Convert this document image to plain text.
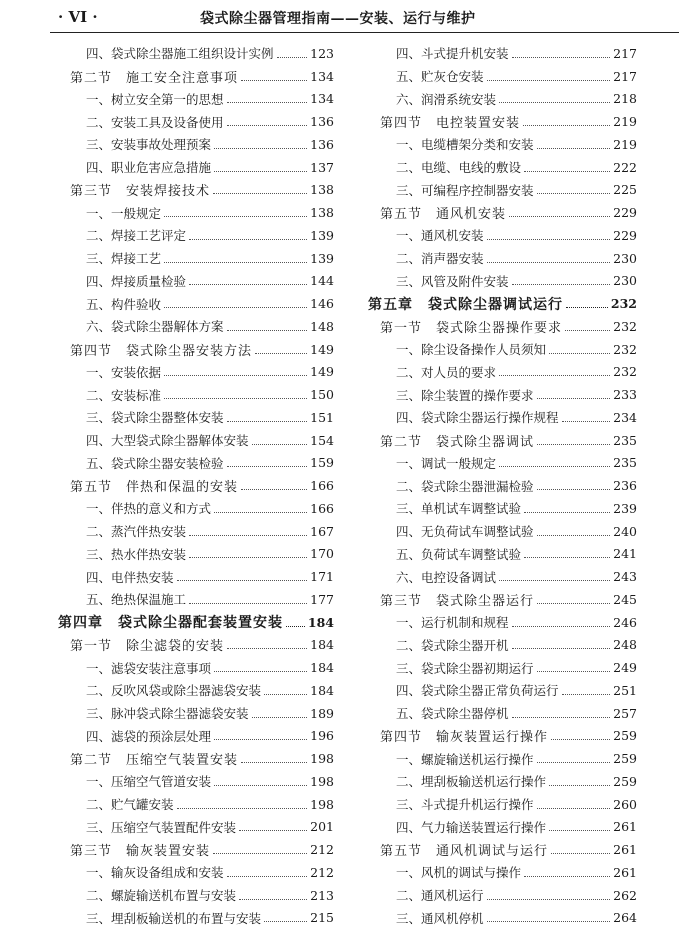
· VI ·	袋式除尘器管理指南——安装、运行与维护
四、袋式除尘器施工组织设计实例	123
第二节　施工安全注意事项	134
一、树立安全第一的思想	134
二、安装工具及设备使用	136
三、安装事故处理预案	136
四、职业危害应急措施	137
第三节　安装焊接技术	138
一、一般规定	138
二、焊接工艺评定	139
三、焊接工艺	139
四、焊接质量检验	144
五、构件验收	146
六、袋式除尘器解体方案	148
第四节　袋式除尘器安装方法	149
一、安装依据	149
二、安装标准	150
三、袋式除尘器整体安装	151
四、大型袋式除尘器解体安装	154
五、袋式除尘器安装检验	159
第五节　伴热和保温的安装	166
一、伴热的意义和方式	166
二、蒸汽伴热安装	167
三、热水伴热安装	170
四、电伴热安装	171
五、绝热保温施工	177
第四章　袋式除尘器配套装置安装 184
第一节　除尘滤袋的安装	184
一、滤袋安装注意事项	184
二、反吹风袋或除尘器滤袋安装	184
三、脉冲袋式除尘器滤袋安装	189
四、滤袋的预涂层处理	196
第二节　压缩空气装置安装	198
一、压缩空气管道安装	198
二、贮气罐安装	198
三、压缩空气装置配件安装	201
第三节　输灰装置安装	212
一、输灰设备组成和安装	212
二、螺旋输送机布置与安装	213
三、埋刮板输送机的布置与安装	215
四、斗式提升机安装	217
五、贮灰仓安装	217
六、润滑系统安装	218
第四节　电控装置安装	219
一、电缆槽架分类和安装	219
二、电缆、电线的敷设	222
三、可编程序控制器安装	225
第五节　通风机安装	229
一、通风机安装	229
二、消声器安装	230
三、风管及附件安装	230
第五章　袋式除尘器调试运行	232
第一节　袋式除尘器操作要求	232
一、除尘设备操作人员须知	232
二、对人员的要求	232
三、除尘装置的操作要求	233
四、袋式除尘器运行操作规程	234
第二节　袋式除尘器调试	235
一、调试一般规定	235
二、袋式除尘器泄漏检验	236
三、单机试车调整试验	239
四、无负荷试车调整试验	240
五、负荷试车调整试验	241
六、电控设备调试	243
第三节　袋式除尘器运行	245
一、运行机制和规程	246
二、袋式除尘器开机	248
三、袋式除尘器初期运行	249
四、袋式除尘器正常负荷运行	251
五、袋式除尘器停机	257
第四节　输灰装置运行操作	259
一、螺旋输送机运行操作	259
二、埋刮板输送机运行操作	259
三、斗式提升机运行操作	260
四、气力输送装置运行操作	261
第五节　通风机调试与运行	261
一、风机的调试与操作	261
二、通风机运行	262
三、通风机停机	264
